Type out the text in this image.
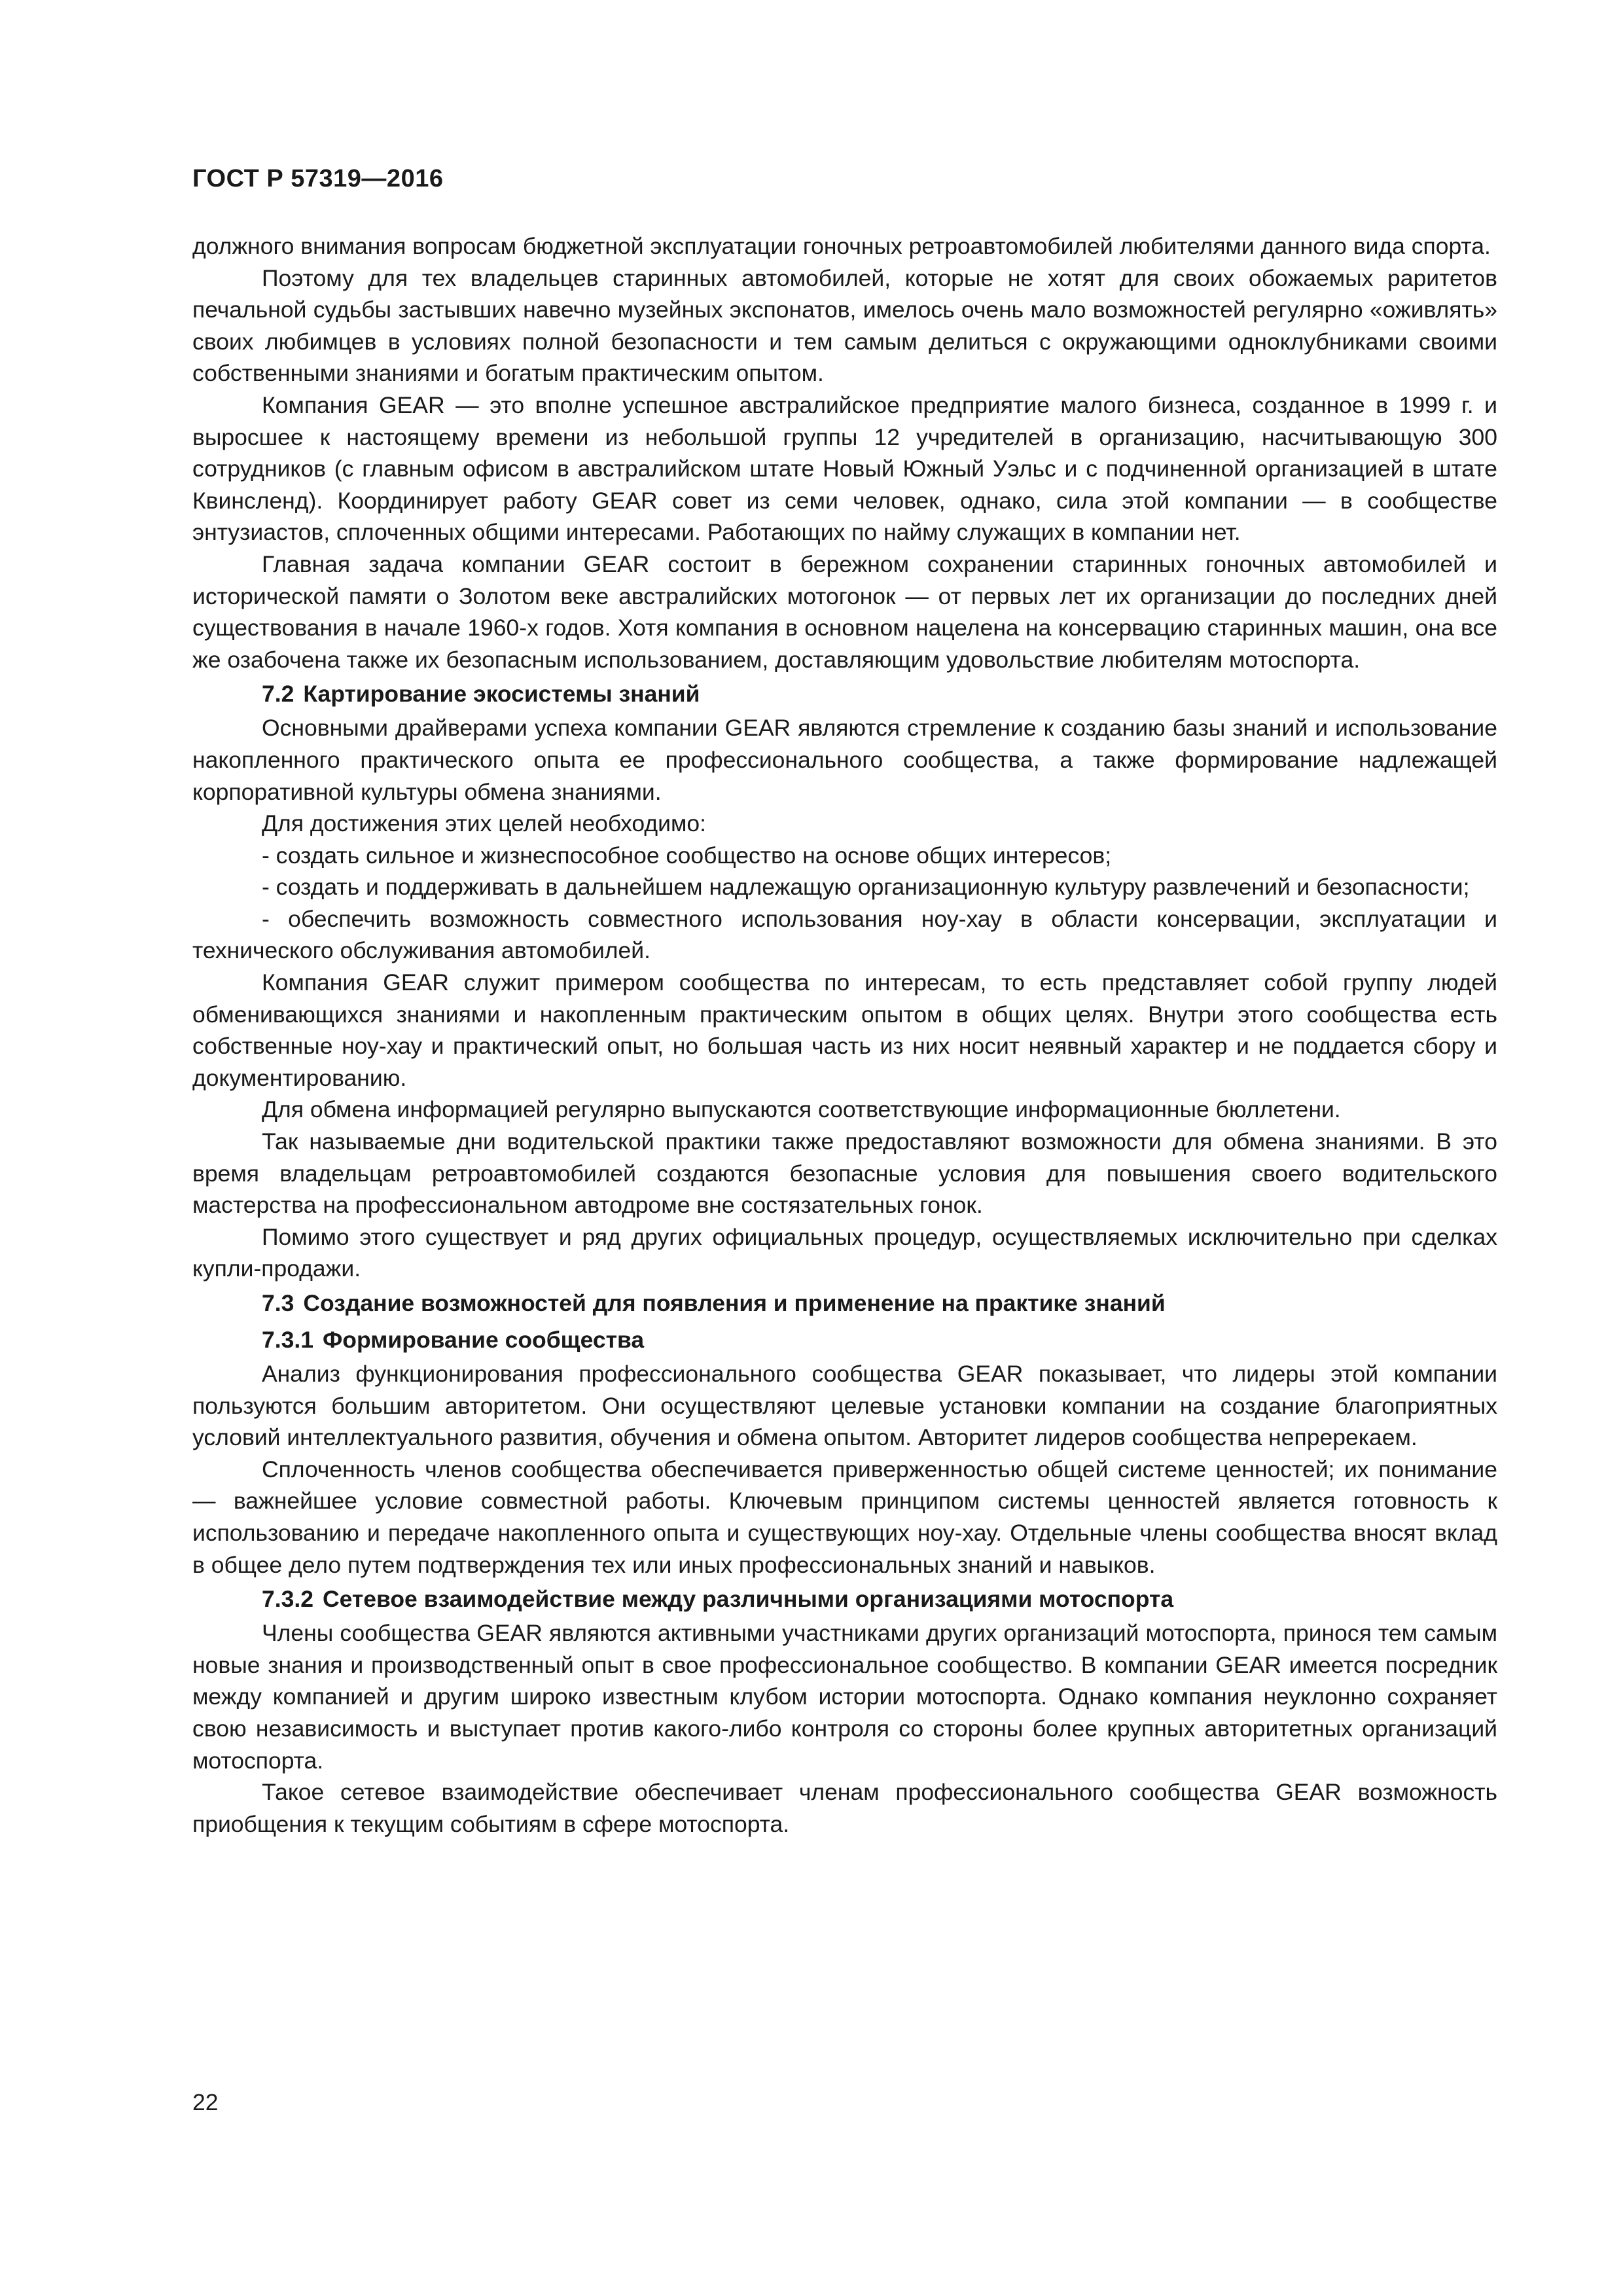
ГОСТ Р 57319—2016

должного внимания вопросам бюджетной эксплуатации гоночных ретроавтомобилей любителями данного вида спорта.

Поэтому для тех владельцев старинных автомобилей, которые не хотят для своих обожаемых раритетов печальной судьбы застывших навечно музейных экспонатов, имелось очень мало возможностей регулярно «оживлять» своих любимцев в условиях полной безопасности и тем самым делиться с окружающими одноклубниками своими собственными знаниями и богатым практическим опытом.

Компания GEAR — это вполне успешное австралийское предприятие малого бизнеса, созданное в 1999 г. и выросшее к настоящему времени из небольшой группы 12 учредителей в организацию, насчитывающую 300 сотрудников (с главным офисом в австралийском штате Новый Южный Уэльс и с подчиненной организацией в штате Квинсленд). Координирует работу GEAR совет из семи человек, однако, сила этой компании — в сообществе энтузиастов, сплоченных общими интересами. Работающих по найму служащих в компании нет.

Главная задача компании GEAR состоит в бережном сохранении старинных гоночных автомобилей и исторической памяти о Золотом веке австралийских мотогонок — от первых лет их организации до последних дней существования в начале 1960-х годов. Хотя компания в основном нацелена на консервацию старинных машин, она все же озабочена также их безопасным использованием, доставляющим удовольствие любителям мотоспорта.

7.2 Картирование экосистемы знаний

Основными драйверами успеха компании GEAR являются стремление к созданию базы знаний и использование накопленного практического опыта ее профессионального сообщества, а также формирование надлежащей корпоративной культуры обмена знаниями.

Для достижения этих целей необходимо:

- создать сильное и жизнеспособное сообщество на основе общих интересов;

- создать и поддерживать в дальнейшем надлежащую организационную культуру развлечений и безопасности;

- обеспечить возможность совместного использования ноу-хау в области консервации, эксплуатации и технического обслуживания автомобилей.

Компания GEAR служит примером сообщества по интересам, то есть представляет собой группу людей обменивающихся знаниями и накопленным практическим опытом в общих целях. Внутри этого сообщества есть собственные ноу-хау и практический опыт, но большая часть из них носит неявный характер и не поддается сбору и документированию.

Для обмена информацией регулярно выпускаются соответствующие информационные бюллетени.

Так называемые дни водительской практики также предоставляют возможности для обмена знаниями. В это время владельцам ретроавтомобилей создаются безопасные условия для повышения своего водительского мастерства на профессиональном автодроме вне состязательных гонок.

Помимо этого существует и ряд других официальных процедур, осуществляемых исключительно при сделках купли-продажи.

7.3 Создание возможностей для появления и применение на практике знаний
7.3.1 Формирование сообщества

Анализ функционирования профессионального сообщества GEAR показывает, что лидеры этой компании пользуются большим авторитетом. Они осуществляют целевые установки компании на создание благоприятных условий интеллектуального развития, обучения и обмена опытом. Авторитет лидеров сообщества непререкаем.

Сплоченность членов сообщества обеспечивается приверженностью общей системе ценностей; их понимание — важнейшее условие совместной работы. Ключевым принципом системы ценностей является готовность к использованию и передаче накопленного опыта и существующих ноу-хау. Отдельные члены сообщества вносят вклад в общее дело путем подтверждения тех или иных профессиональных знаний и навыков.

7.3.2 Сетевое взаимодействие между различными организациями мотоспорта

Члены сообщества GEAR являются активными участниками других организаций мотоспорта, принося тем самым новые знания и производственный опыт в свое профессиональное сообщество. В компании GEAR имеется посредник между компанией и другим широко известным клубом истории мотоспорта. Однако компания неуклонно сохраняет свою независимость и выступает против какого-либо контроля со стороны более крупных авторитетных организаций мотоспорта.

Такое сетевое взаимодействие обеспечивает членам профессионального сообщества GEAR возможность приобщения к текущим событиям в сфере мотоспорта.

22
